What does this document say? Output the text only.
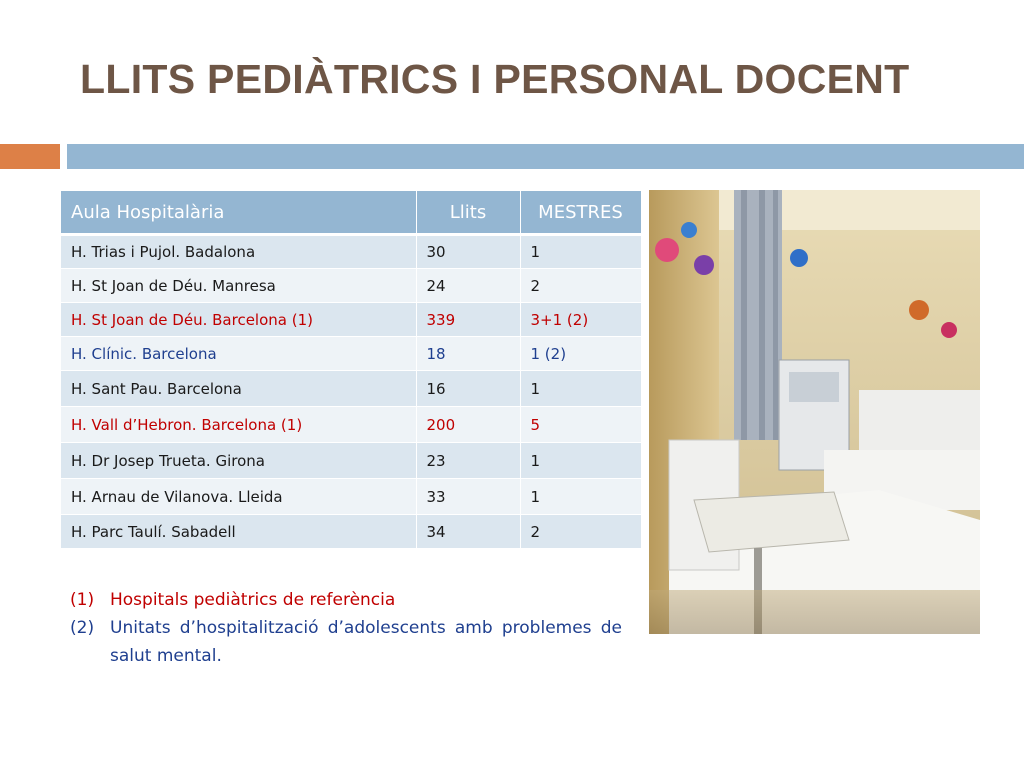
LLITS PEDIÀTRICS I PERSONAL DOCENT
Aula Hospitalària	Llits	MESTRES
H. Trias i Pujol. Badalona	30	1
H. St Joan de Déu. Manresa	24	2
H. St Joan de Déu. Barcelona (1)	339	3+1 (2)
H. Clínic. Barcelona	18	1 (2)
H. Sant Pau. Barcelona	16	1
H. Vall d’Hebron. Barcelona (1)	200	5
H. Dr Josep Trueta. Girona	23	1
H. Arnau de Vilanova. Lleida	33	1
H. Parc Taulí. Sabadell	34	2
(1) Hospitals pediàtrics de referència
(2) Unitats d’hospitalització d’adolescents amb problemes de salut mental.
